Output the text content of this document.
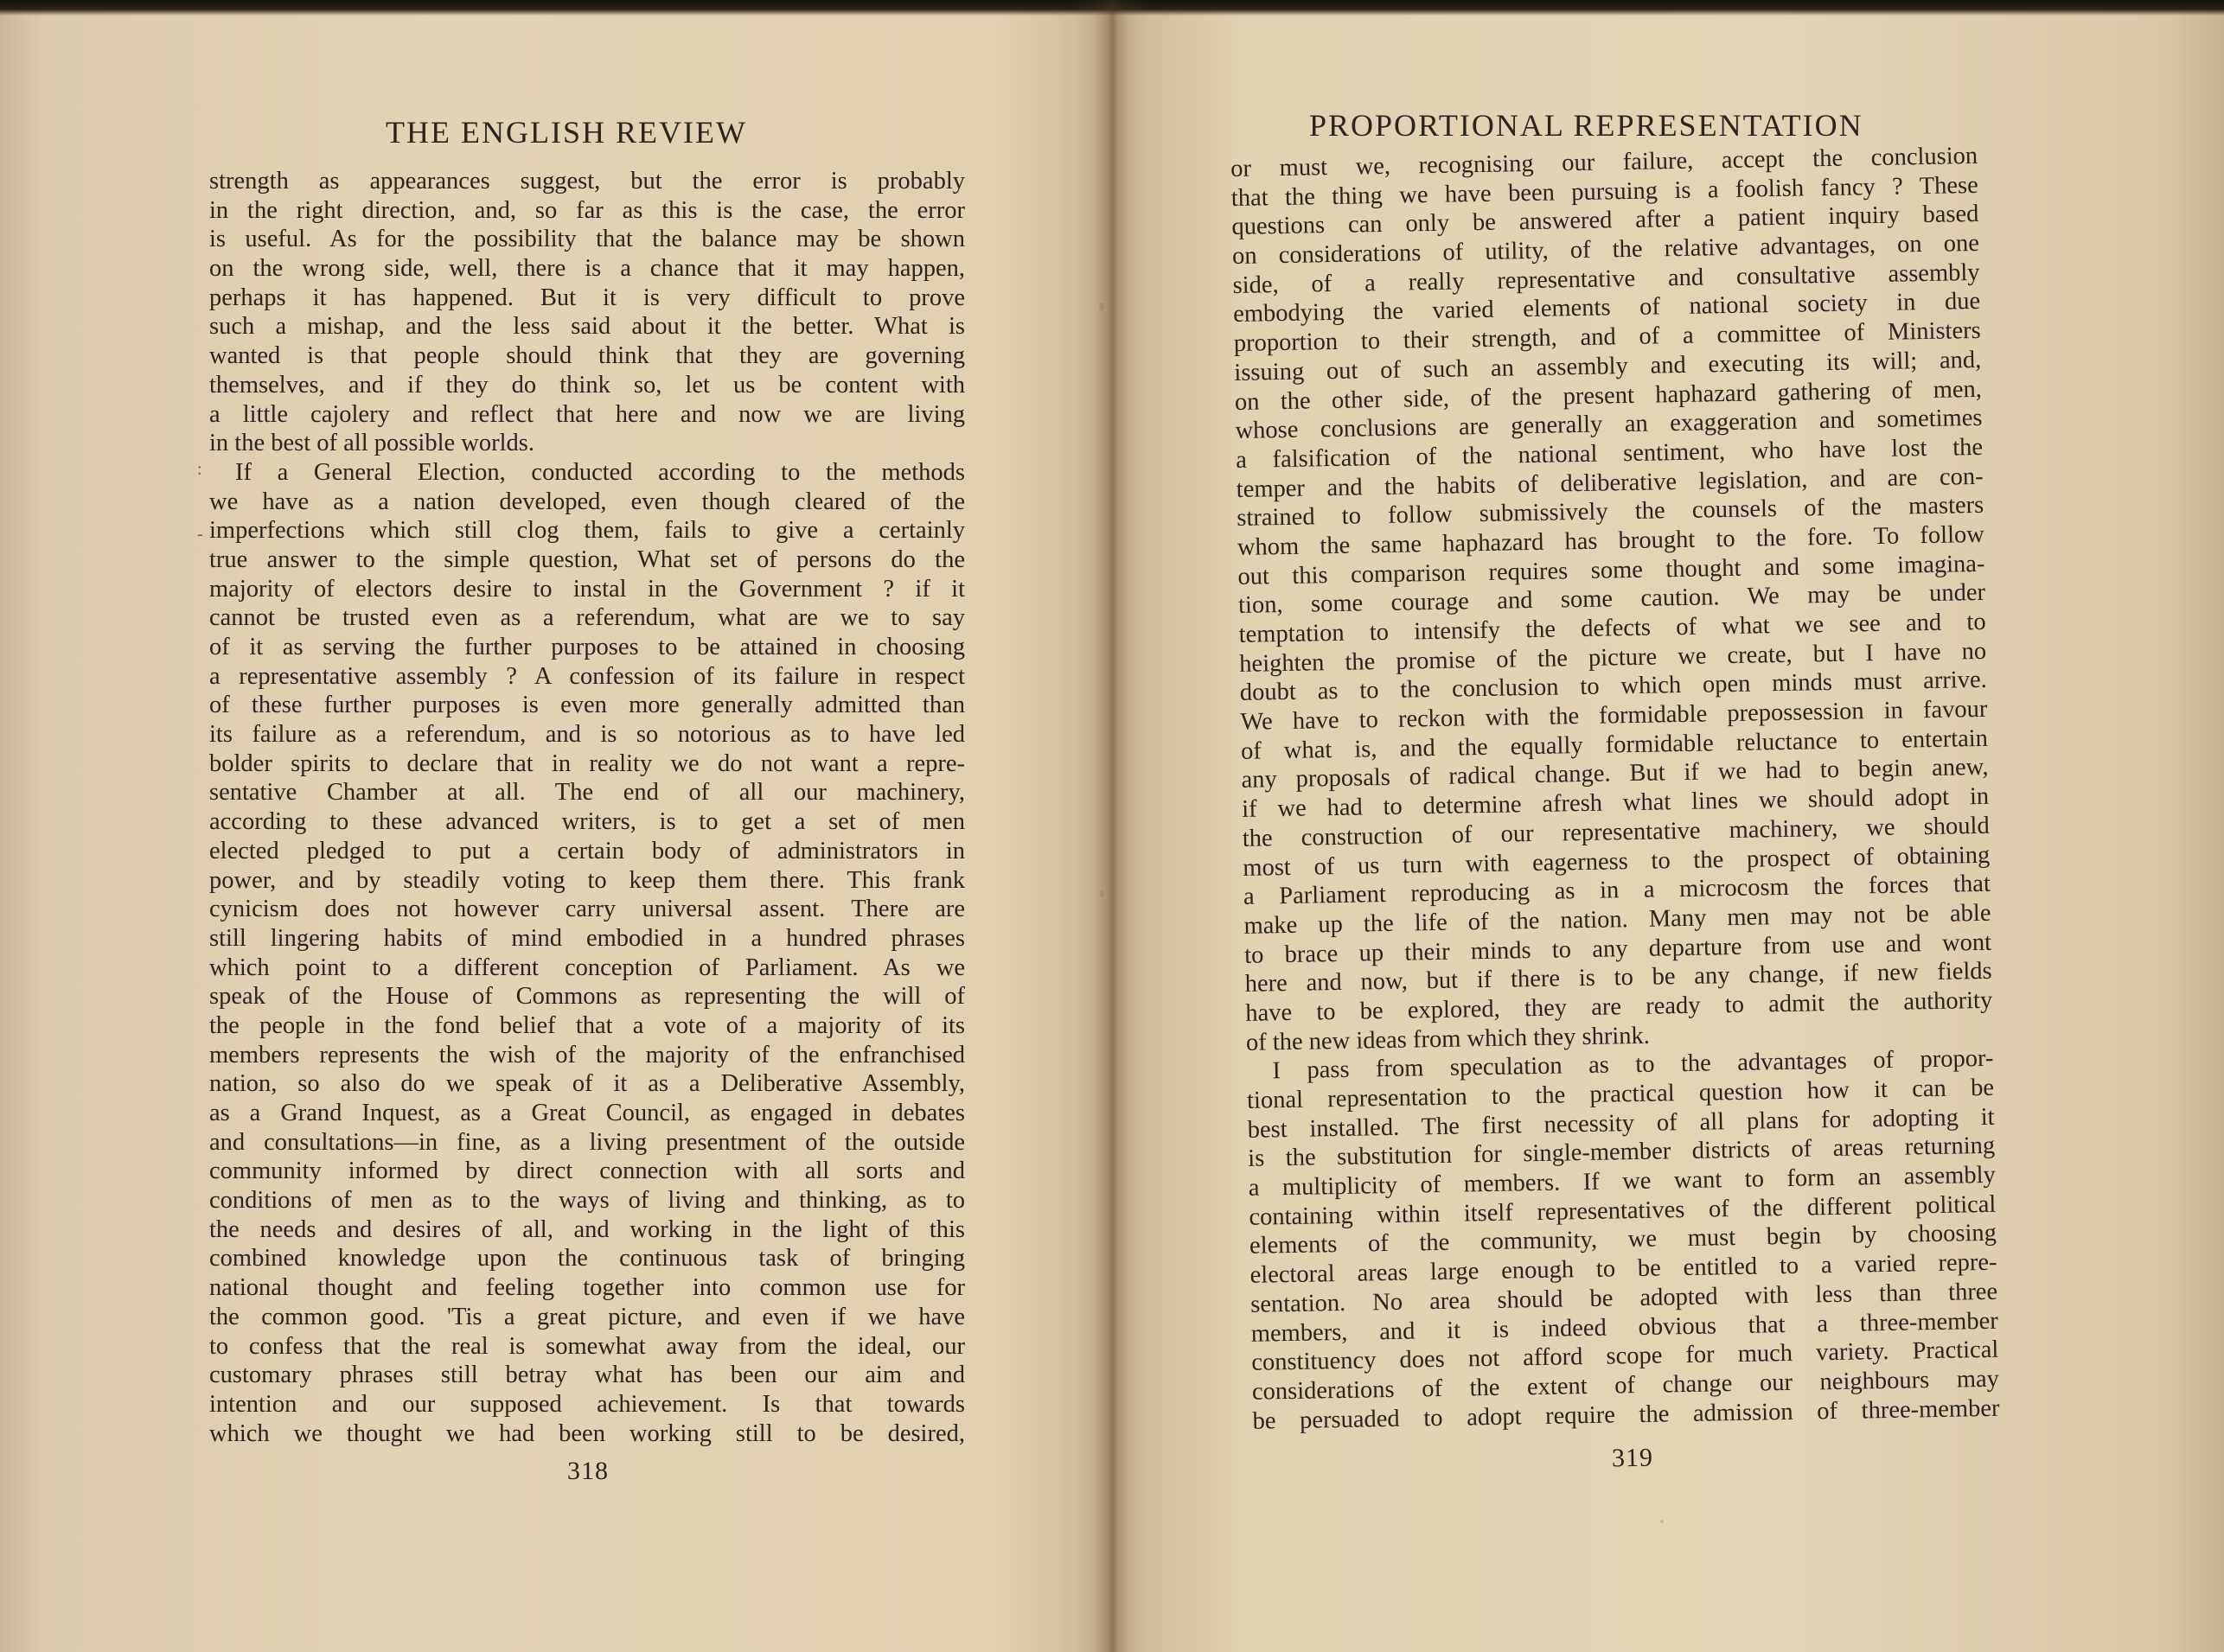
THE ENGLISH REVIEW
strength as appearances suggest, but the error is probably
in the right direction, and, so far as this is the case, the error
is useful. As for the possibility that the balance may be shown
on the wrong side, well, there is a chance that it may happen,
perhaps it has happened. But it is very difficult to prove
such a mishap, and the less said about it the better. What is
wanted is that people should think that they are governing
themselves, and if they do think so, let us be content with
a little cajolery and reflect that here and now we are living
in the best of all possible worlds.
If a General Election, conducted according to the methods
we have as a nation developed, even though cleared of the
imperfections which still clog them, fails to give a certainly
true answer to the simple question, What set of persons do the
majority of electors desire to instal in the Government ? if it
cannot be trusted even as a referendum, what are we to say
of it as serving the further purposes to be attained in choosing
a representative assembly ? A confession of its failure in respect
of these further purposes is even more generally admitted than
its failure as a referendum, and is so notorious as to have led
bolder spirits to declare that in reality we do not want a repre-
sentative Chamber at all. The end of all our machinery,
according to these advanced writers, is to get a set of men
elected pledged to put a certain body of administrators in
power, and by steadily voting to keep them there. This frank
cynicism does not however carry universal assent. There are
still lingering habits of mind embodied in a hundred phrases
which point to a different conception of Parliament. As we
speak of the House of Commons as representing the will of
the people in the fond belief that a vote of a majority of its
members represents the wish of the majority of the enfranchised
nation, so also do we speak of it as a Deliberative Assembly,
as a Grand Inquest, as a Great Council, as engaged in debates
and consultations—in fine, as a living presentment of the outside
community informed by direct connection with all sorts and
conditions of men as to the ways of living and thinking, as to
the needs and desires of all, and working in the light of this
combined knowledge upon the continuous task of bringing
national thought and feeling together into common use for
the common good. 'Tis a great picture, and even if we have
to confess that the real is somewhat away from the ideal, our
customary phrases still betray what has been our aim and
intention and our supposed achievement. Is that towards
which we thought we had been working still to be desired,
318
:
-
PROPORTIONAL REPRESENTATION
or must we, recognising our failure, accept the conclusion
that the thing we have been pursuing is a foolish fancy ? These
questions can only be answered after a patient inquiry based
on considerations of utility, of the relative advantages, on one
side, of a really representative and consultative assembly
embodying the varied elements of national society in due
proportion to their strength, and of a committee of Ministers
issuing out of such an assembly and executing its will; and,
on the other side, of the present haphazard gathering of men,
whose conclusions are generally an exaggeration and sometimes
a falsification of the national sentiment, who have lost the
temper and the habits of deliberative legislation, and are con-
strained to follow submissively the counsels of the masters
whom the same haphazard has brought to the fore. To follow
out this comparison requires some thought and some imagina-
tion, some courage and some caution. We may be under
temptation to intensify the defects of what we see and to
heighten the promise of the picture we create, but I have no
doubt as to the conclusion to which open minds must arrive.
We have to reckon with the formidable prepossession in favour
of what is, and the equally formidable reluctance to entertain
any proposals of radical change. But if we had to begin anew,
if we had to determine afresh what lines we should adopt in
the construction of our representative machinery, we should
most of us turn with eagerness to the prospect of obtaining
a Parliament reproducing as in a microcosm the forces that
make up the life of the nation. Many men may not be able
to brace up their minds to any departure from use and wont
here and now, but if there is to be any change, if new fields
have to be explored, they are ready to admit the authority
of the new ideas from which they shrink.
I pass from speculation as to the advantages of propor-
tional representation to the practical question how it can be
best installed. The first necessity of all plans for adopting it
is the substitution for single-member districts of areas returning
a multiplicity of members. If we want to form an assembly
containing within itself representatives of the different political
elements of the community, we must begin by choosing
electoral areas large enough to be entitled to a varied repre-
sentation. No area should be adopted with less than three
members, and it is indeed obvious that a three-member
constituency does not afford scope for much variety. Practical
considerations of the extent of change our neighbours may
be persuaded to adopt require the admission of three-member
319
